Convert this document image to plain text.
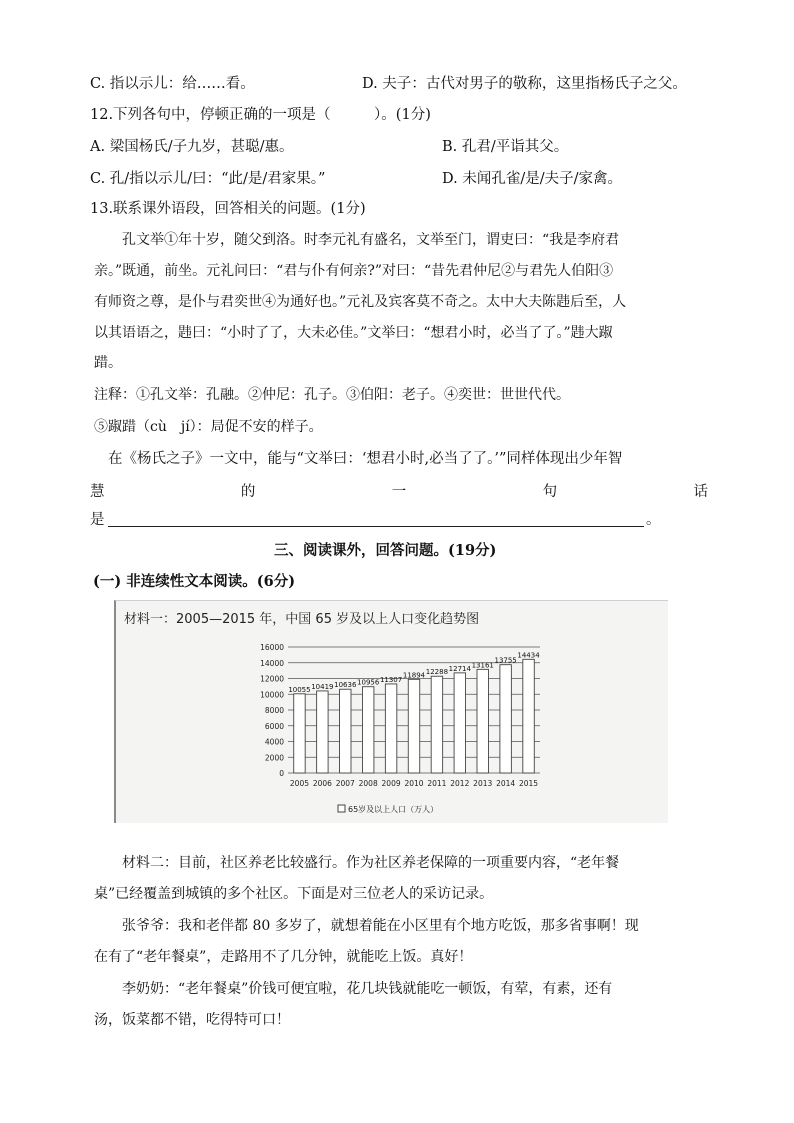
C. 指以示儿：给……看。	D. 夫子：古代对男子的敬称，这里指杨氏子之父。
12.下列各句中，停顿正确的一项是（　　　）。(1分)
A. 梁国杨氏/子九岁，甚聪/惠。	B. 孔君/平诣其父。
C. 孔/指以示儿/曰：“此/是/君家果。”	D. 未闻孔雀/是/夫子/家禽。
13.联系课外语段，回答相关的问题。(1分)
孔文举①年十岁，随父到洛。时李元礼有盛名，文举至门，谓吏曰：“我是李府君
亲。”既通，前坐。元礼问曰：“君与仆有何亲?”对曰：“昔先君仲尼②与君先人伯阳③
有师资之尊，是仆与君奕世④为通好也。”元礼及宾客莫不奇之。太中大夫陈韪后至，人
以其语语之，韪曰：“小时了了，大未必佳。”文举曰：“想君小时，必当了了。”韪大踧
踖。
注释：①孔文举：孔融。②仲尼：孔子。③伯阳：老子。④奕世：世世代代。
⑤踧踖（cù　jí）：局促不安的样子。
在《杨氏之子》一文中，能与“文举曰：‘想君小时,必当了了。’”同样体现出少年智
慧	的	一	句	话
是	。
三、阅读课外，回答问题。(19分)
(一) 非连续性文本阅读。(6分)
材料一：2005—2015 年，中国 65 岁及以上人口变化趋势图
0
2000
4000
6000
8000
10000
12000
14000
16000
10055 10419 10636 10956 11307
11894 12288 12714 13161
13755
14434
2005 2006 2007 2008 2009 2010 2011 2012 2013 2014 2015
65岁及以上人口（万人）
材料二：目前，社区养老比较盛行。作为社区养老保障的一项重要内容，“老年餐
桌”已经覆盖到城镇的多个社区。下面是对三位老人的采访记录。
张爷爷：我和老伴都 80 多岁了，就想着能在小区里有个地方吃饭，那多省事啊！现
在有了“老年餐桌”，走路用不了几分钟，就能吃上饭。真好！
李奶奶：“老年餐桌”价钱可便宜啦，花几块钱就能吃一顿饭，有荤，有素，还有
汤，饭菜都不错，吃得特可口！
